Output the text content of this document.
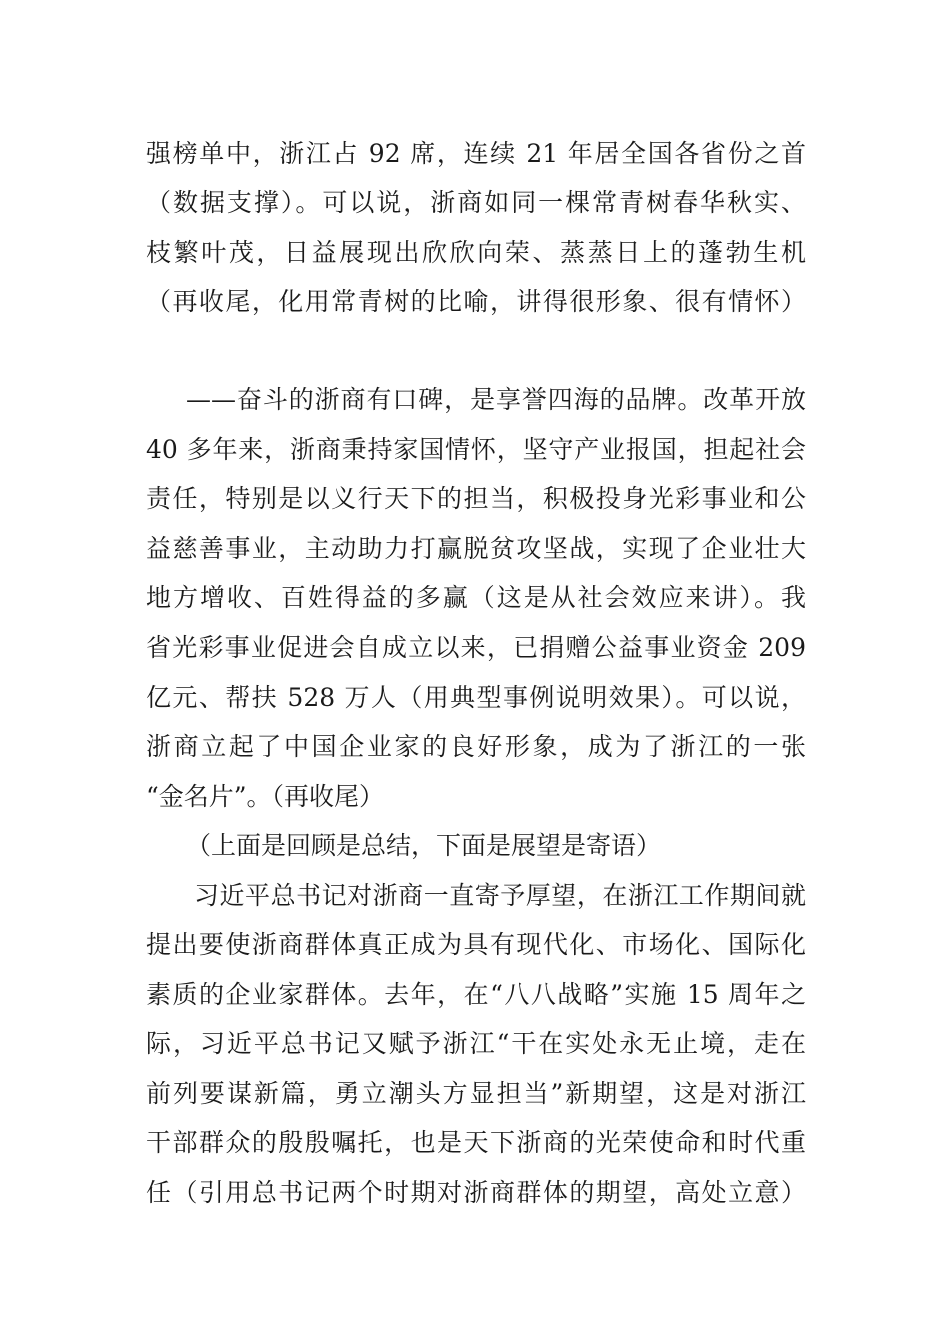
强榜单中，浙江占 92 席，连续 21 年居全国各省份之首
（数据支撑）。可以说，浙商如同一棵常青树春华秋实、
枝繁叶茂，日益展现出欣欣向荣、蒸蒸日上的蓬勃生机
（再收尾，化用常青树的比喻，讲得很形象、很有情怀）
——奋斗的浙商有口碑，是享誉四海的品牌。改革开放
40 多年来，浙商秉持家国情怀，坚守产业报国，担起社会
责任，特别是以义行天下的担当，积极投身光彩事业和公
益慈善事业，主动助力打赢脱贫攻坚战，实现了企业壮大
地方增收、百姓得益的多赢（这是从社会效应来讲）。我
省光彩事业促进会自成立以来，已捐赠公益事业资金 209
亿元、帮扶 528 万人（用典型事例说明效果）。可以说，
浙商立起了中国企业家的良好形象，成为了浙江的一张
“金名片”。（再收尾）
（上面是回顾是总结，下面是展望是寄语）
习近平总书记对浙商一直寄予厚望，在浙江工作期间就
提出要使浙商群体真正成为具有现代化、市场化、国际化
素质的企业家群体。去年，在“八八战略”实施 15 周年之
际，习近平总书记又赋予浙江“干在实处永无止境，走在
前列要谋新篇，勇立潮头方显担当”新期望，这是对浙江
干部群众的殷殷嘱托，也是天下浙商的光荣使命和时代重
任（引用总书记两个时期对浙商群体的期望，高处立意）
